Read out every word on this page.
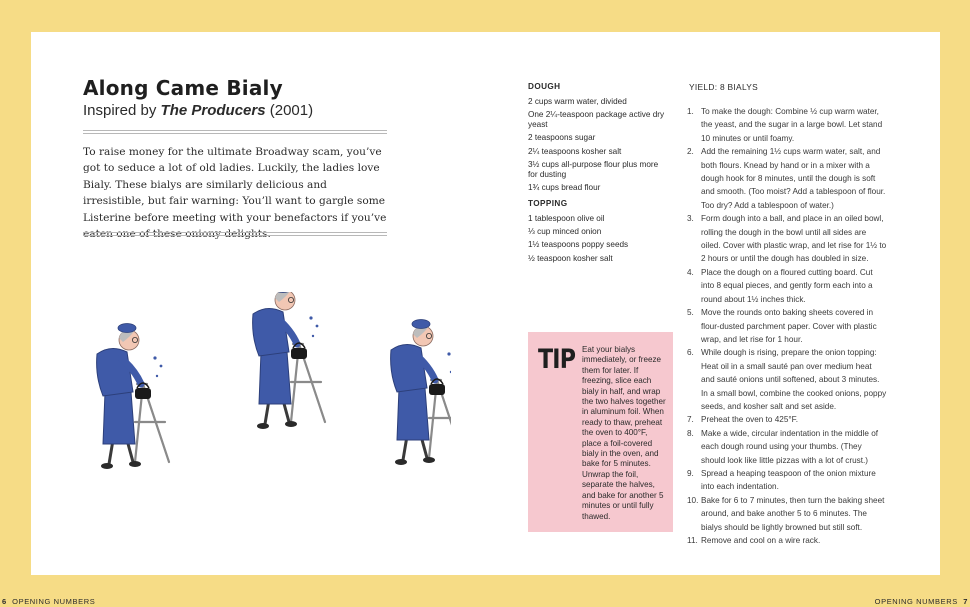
Along Came Bialy

Inspired by The Producers (2001)

To raise money for the ultimate Broadway scam, you’ve got to seduce a lot of old ladies. Luckily, the ladies love Bialy. These bialys are similarly delicious and irresistible, but fair warning: You’ll want to gargle some Listerine before meeting with your benefactors if you’ve eaten one of these oniony delights.

DOUGH
2 cups warm water, divided
One 2¼-teaspoon package active dry yeast
2 teaspoons sugar
2¼ teaspoons kosher salt
3½ cups all-purpose flour plus more for dusting
1¾ cups bread flour
TOPPING
1 tablespoon olive oil
⅓ cup minced onion
1½ teaspoons poppy seeds
½ teaspoon kosher salt
TIP Eat your bialys immediately, or freeze them for later. If freezing, slice each bialy in half, and wrap the two halves together in aluminum foil. When ready to thaw, preheat the oven to 400°F, place a foil-covered bialy in the oven, and bake for 5 minutes. Unwrap the foil, separate the halves, and bake for another 5 minutes or until fully thawed.

YIELD: 8 BIALYS

1. To make the dough: Combine ½ cup warm water, the yeast, and the sugar in a large bowl. Let stand 10 minutes or until foamy.
2. Add the remaining 1½ cups warm water, salt, and both flours. Knead by hand or in a mixer with a dough hook for 8 minutes, until the dough is soft and smooth. (Too moist? Add a tablespoon of flour. Too dry? Add a tablespoon of water.)
3. Form dough into a ball, and place in an oiled bowl, rolling the dough in the bowl until all sides are oiled. Cover with plastic wrap, and let rise for 1½ to 2 hours or until the dough has doubled in size.
4. Place the dough on a floured cutting board. Cut into 8 equal pieces, and gently form each into a round about 1½ inches thick.
5. Move the rounds onto baking sheets covered in flour-dusted parchment paper. Cover with plastic wrap, and let rise for 1 hour.
6. While dough is rising, prepare the onion topping: Heat oil in a small sauté pan over medium heat and sauté onions until softened, about 3 minutes. In a small bowl, combine the cooked onions, poppy seeds, and kosher salt and set aside.
7. Preheat the oven to 425°F.
8. Make a wide, circular indentation in the middle of each dough round using your thumbs. (They should look like little pizzas with a lot of crust.)
9. Spread a heaping teaspoon of the onion mixture into each indentation.
10. Bake for 6 to 7 minutes, then turn the baking sheet around, and bake another 5 to 6 minutes. The bialys should be lightly browned but still soft.
11. Remove and cool on a wire rack.
6 OPENING NUMBERS	OPENING NUMBERS 7
